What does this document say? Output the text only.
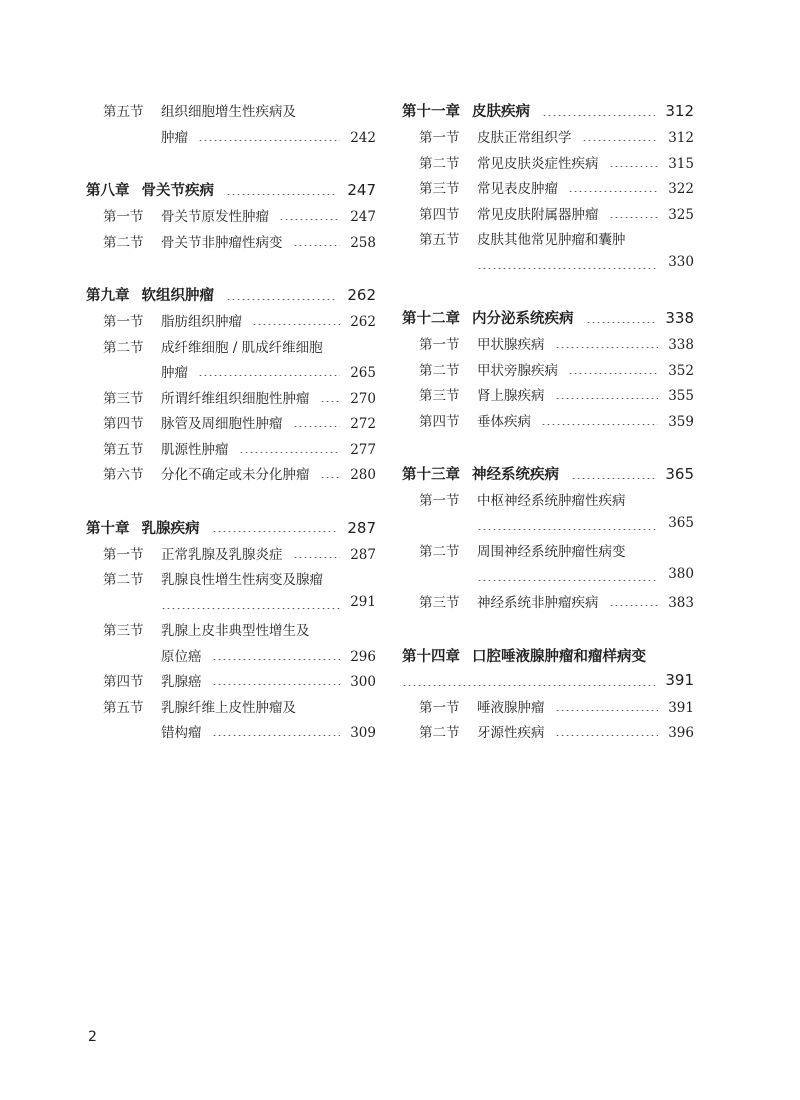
第五节	组织细胞增生性疾病及
肿瘤	242
第八章 骨关节疾病	247
第一节	骨关节原发性肿瘤	247
第二节	骨关节非肿瘤性病变	258
第九章 软组织肿瘤	262
第一节	脂肪组织肿瘤	262
第二节	成纤维细胞 / 肌成纤维细胞
肿瘤	265
第三节	所谓纤维组织细胞性肿瘤	270
第四节	脉管及周细胞性肿瘤	272
第五节	肌源性肿瘤	277
第六节	分化不确定或未分化肿瘤	280
第十章 乳腺疾病	287
第一节	正常乳腺及乳腺炎症	287
第二节	乳腺良性增生性病变及腺瘤
291
第三节	乳腺上皮非典型性增生及
原位癌	296
第四节	乳腺癌	300
第五节	乳腺纤维上皮性肿瘤及
错构瘤	309
第十一章 皮肤疾病	312
第一节	皮肤正常组织学	312
第二节	常见皮肤炎症性疾病	315
第三节	常见表皮肿瘤	322
第四节	常见皮肤附属器肿瘤	325
第五节	皮肤其他常见肿瘤和囊肿
330
第十二章 内分泌系统疾病	338
第一节	甲状腺疾病	338
第二节	甲状旁腺疾病	352
第三节	肾上腺疾病	355
第四节	垂体疾病	359
第十三章 神经系统疾病	365
第一节	中枢神经系统肿瘤性疾病
365
第二节	周围神经系统肿瘤性病变
380
第三节	神经系统非肿瘤疾病	383
第十四章 口腔唾液腺肿瘤和瘤样病变
391
第一节	唾液腺肿瘤	391
第二节	牙源性疾病	396
2
